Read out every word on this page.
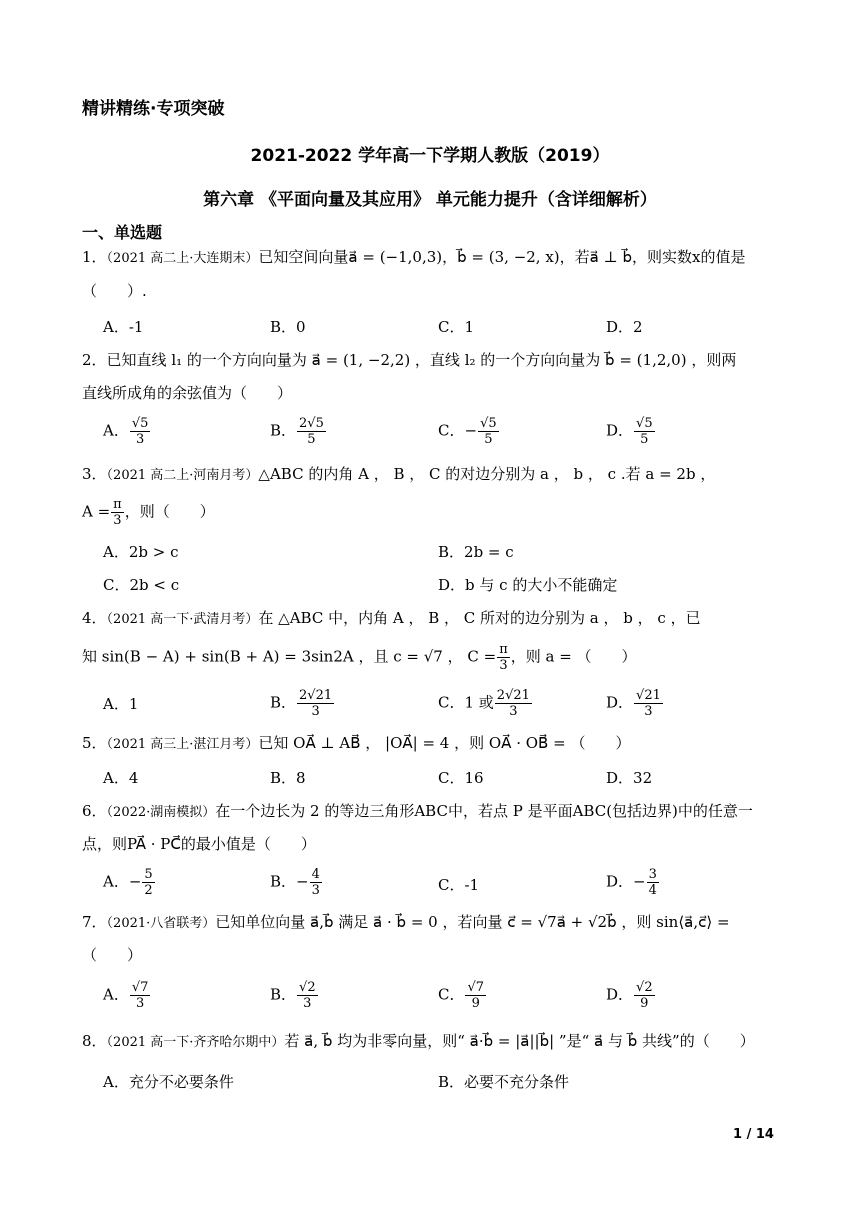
精讲精练·专项突破
2021-2022 学年高一下学期人教版（2019）
第六章 《平面向量及其应用》 单元能力提升（含详细解析）
一、单选题
1．（2021 高二上·大连期末）已知空间向量a⃗ = (−1,0,3)，b⃗ = (3, −2, x)，若a⃗ ⊥ b⃗，则实数x的值是
（　　）.
A．-1	B．0	C．1	D．2
2．已知直线 l₁ 的一个方向向量为 a⃗ = (1, −2,2) ，直线 l₂ 的一个方向向量为 b⃗ = (1,2,0) ，则两
直线所成角的余弦值为（　　）
A． $\frac{√5}{3}$	B． $\frac{2√5}{5}$	C．− $\frac{√5}{5}$	D． $\frac{√5}{5}$
3．（2021 高二上·河南月考）△ABC 的内角 A ， B ， C 的对边分别为 a ， b ， c .若 a = 2b ，
$A = \frac{\pi}{3}$ ，则（　　）
A．2b > c	B．2b = c
C．2b < c	D．b 与 c 的大小不能确定
4．（2021 高一下·武清月考）在 △ABC 中，内角 A ， B ， C 所对的边分别为 a ， b ， c ，已
知 sin(B − A) + sin(B + A) = 3sin2A ，且 c = √7 ， $C = \frac{\pi}{3}$ ，则 a = （　　）
A．1	B． $\frac{2√21}{3}$	C．1 或 $\frac{2√21}{3}$	D． $\frac{√21}{3}$
5．（2021 高三上·湛江月考）已知 OA⃗ ⊥ AB⃗ ， |OA⃗| = 4 ，则 OA⃗ · OB⃗ = （　　）
A．4	B．8	C．16	D．32
6．（2022·湖南模拟）在一个边长为 2 的等边三角形ABC中，若点 P 是平面ABC(包括边界)中的任意一
点，则PA⃗ · PC⃗的最小值是（　　）
A．− $\frac{5}{2}$	B．− $\frac{4}{3}$	C．-1	D．− $\frac{3}{4}$
7．（2021·八省联考）已知单位向量 a⃗,b⃗ 满足 a⃗ · b⃗ = 0 ，若向量 c⃗ = √7a⃗ + √2b⃗ ，则 sin⟨a⃗,c⃗⟩ =
（　　）
A． $\frac{√7}{3}$	B． $\frac{√2}{3}$	C． $\frac{√7}{9}$	D． $\frac{√2}{9}$
8．（2021 高一下·齐齐哈尔期中）若 a⃗, b⃗ 均为非零向量，则“ a⃗·b⃗ = |a⃗||b⃗| ”是“ a⃗ 与 b⃗ 共线”的（　　）
A．充分不必要条件	B．必要不充分条件
1 / 14
